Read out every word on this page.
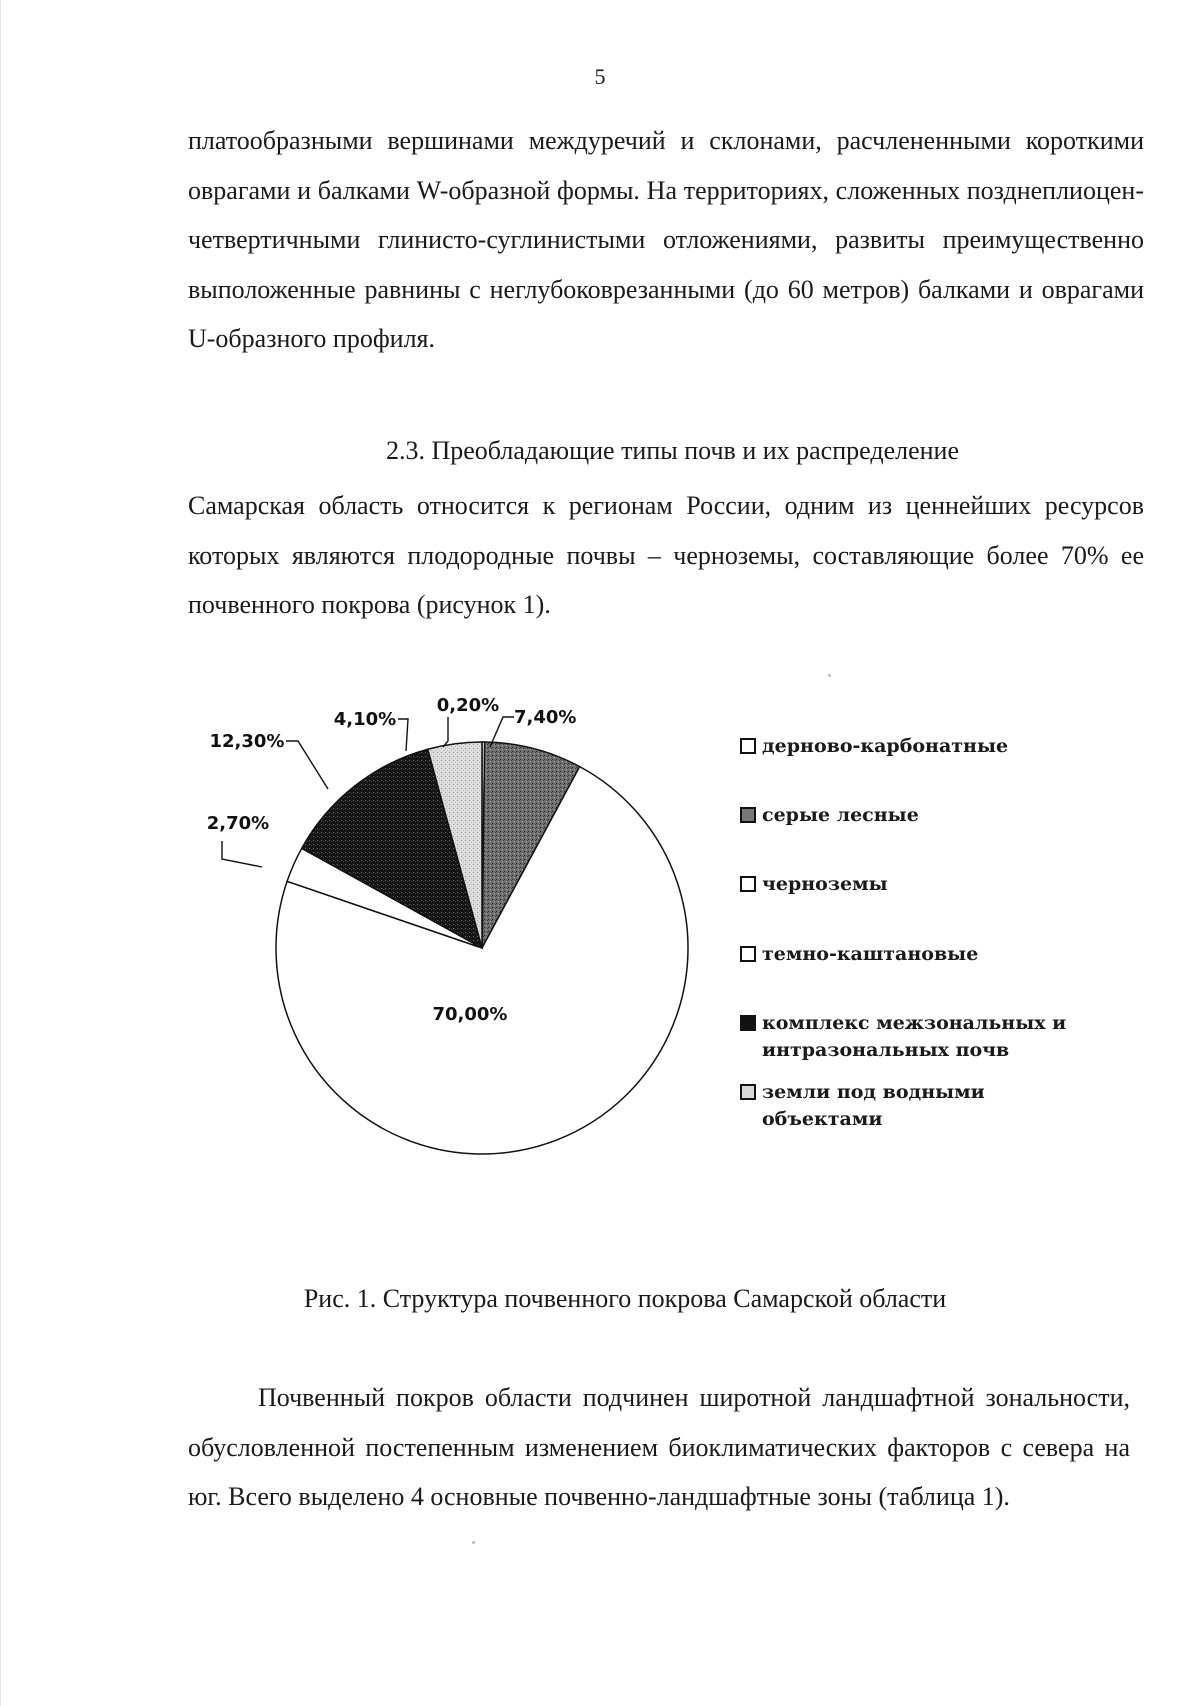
5

платообразными вершинами междуречий и склонами, расчлененными короткими оврагами и балками W-образной формы. На территориях, сложенных позднеплиоцен-четвертичными глинисто-суглинистыми отложениями, развиты преимущественно выположенные равнины с неглубоковрезанными (до 60 метров) балками и оврагами U-образного профиля.

2.3. Преобладающие типы почв и их распределение

Самарская область относится к регионам России, одним из ценнейших ресурсов которых являются плодородные почвы – черноземы, составляющие более 70% ее почвенного покрова (рисунок 1).

0,20%
7,40%
70,00%
2,70%
12,30%
4,10%
дерново-карбонатные
серые лесные
черноземы
темно-каштановые
комплекс межзональных и интразональных почв
земли под водными объектами
Рис. 1. Структура почвенного покрова Самарской области

Почвенный покров области подчинен широтной ландшафтной зональности, обусловленной постепенным изменением биоклиматических факторов с севера на юг. Всего выделено 4 основные почвенно-ландшафтные зоны (таблица 1).
